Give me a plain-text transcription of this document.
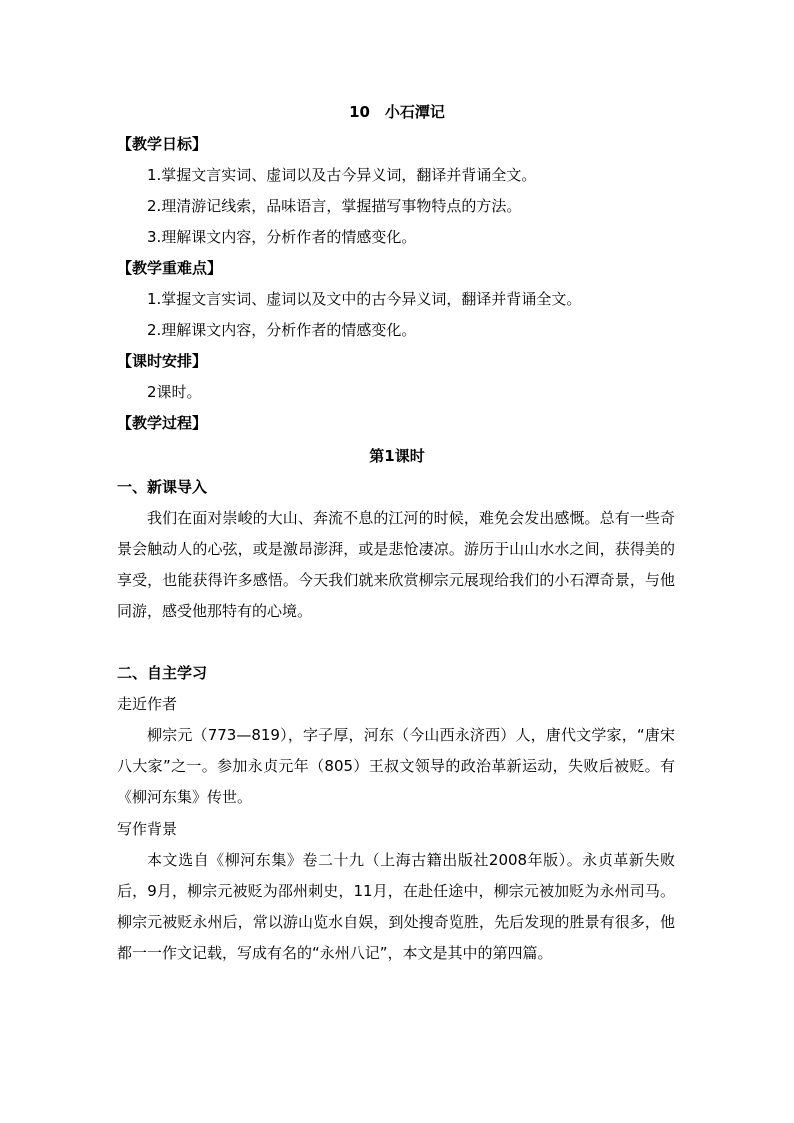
10　小石潭记
【教学日标】
1.掌握文言实词、虚词以及古今异义词，翻译并背诵全文。
2.理清游记线索，品味语言，掌握描写事物特点的方法。
3.理解课文内容，分析作者的情感变化。
【教学重难点】
1.掌握文言实词、虚词以及文中的古今异义词，翻译并背诵全文。
2.理解课文内容，分析作者的情感变化。
【课时安排】
2课时。
【教学过程】
第1课时
一、新课导入
我们在面对崇峻的大山、奔流不息的江河的时候，难免会发出感慨。总有一些奇景会触动人的心弦，或是激昂澎湃，或是悲怆凄凉。游历于山山水水之间，获得美的享受，也能获得许多感悟。今天我们就来欣赏柳宗元展现给我们的小石潭奇景，与他同游，感受他那特有的心境。
二、自主学习
走近作者
柳宗元（773—819），字子厚，河东（今山西永济西）人，唐代文学家，“唐宋八大家”之一。参加永贞元年（805）王叔文领导的政治革新运动，失败后被贬。有《柳河东集》传世。
写作背景
本文选自《柳河东集》卷二十九（上海古籍出版社2008年版）。永贞革新失败后，9月，柳宗元被贬为邵州刺史，11月，在赴任途中，柳宗元被加贬为永州司马。柳宗元被贬永州后，常以游山览水自娱，到处搜奇览胜，先后发现的胜景有很多，他都一一作文记载，写成有名的“永州八记”，本文是其中的第四篇。
